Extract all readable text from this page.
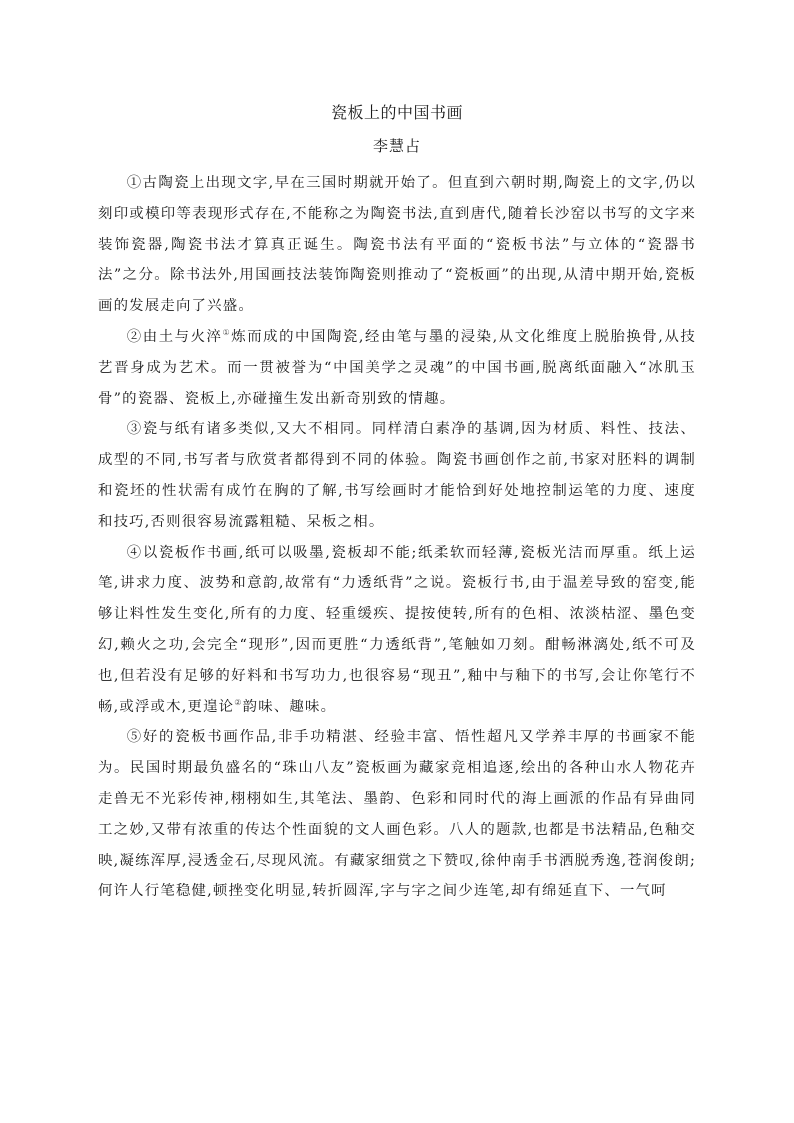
瓷板上的中国书画
李慧占

①古陶瓷上出现文字,早在三国时期就开始了。但直到六朝时期,陶瓷上的文字,仍以刻印或模印等表现形式存在,不能称之为陶瓷书法,直到唐代,随着长沙窑以书写的文字来装饰瓷器,陶瓷书法才算真正诞生。陶瓷书法有平面的“瓷板书法”与立体的“瓷器书法”之分。除书法外,用国画技法装饰陶瓷则推动了“瓷板画”的出现,从清中期开始,瓷板画的发展走向了兴盛。

②由土与火淬①炼而成的中国陶瓷,经由笔与墨的浸染,从文化维度上脱胎换骨,从技艺晋身成为艺术。而一贯被誉为“中国美学之灵魂”的中国书画,脱离纸面融入“冰肌玉骨”的瓷器、瓷板上,亦碰撞生发出新奇别致的情趣。

③瓷与纸有诸多类似,又大不相同。同样清白素净的基调,因为材质、料性、技法、成型的不同,书写者与欣赏者都得到不同的体验。陶瓷书画创作之前,书家对胚料的调制和瓷坯的性状需有成竹在胸的了解,书写绘画时才能恰到好处地控制运笔的力度、速度和技巧,否则很容易流露粗糙、呆板之相。

④以瓷板作书画,纸可以吸墨,瓷板却不能;纸柔软而轻薄,瓷板光洁而厚重。纸上运笔,讲求力度、波势和意韵,故常有“力透纸背”之说。瓷板行书,由于温差导致的窑变,能够让料性发生变化,所有的力度、轻重缓疾、提按使转,所有的色相、浓淡枯涩、墨色变幻,赖火之功,会完全“现形”,因而更胜“力透纸背”,笔触如刀刻。酣畅淋漓处,纸不可及也,但若没有足够的好料和书写功力,也很容易“现丑”,釉中与釉下的书写,会让你笔行不畅,或浮或木,更遑论②韵味、趣味。

⑤好的瓷板书画作品,非手功精湛、经验丰富、悟性超凡又学养丰厚的书画家不能为。民国时期最负盛名的“珠山八友”瓷板画为藏家竞相追逐,绘出的各种山水人物花卉走兽无不光彩传神,栩栩如生,其笔法、墨韵、色彩和同时代的海上画派的作品有异曲同工之妙,又带有浓重的传达个性面貌的文人画色彩。八人的题款,也都是书法精品,色釉交映,凝练浑厚,浸透金石,尽现风流。有藏家细赏之下赞叹,徐仲南手书洒脱秀逸,苍润俊朗;何许人行笔稳健,顿挫变化明显,转折圆浑,字与字之间少连笔,却有绵延直下、一气呵
